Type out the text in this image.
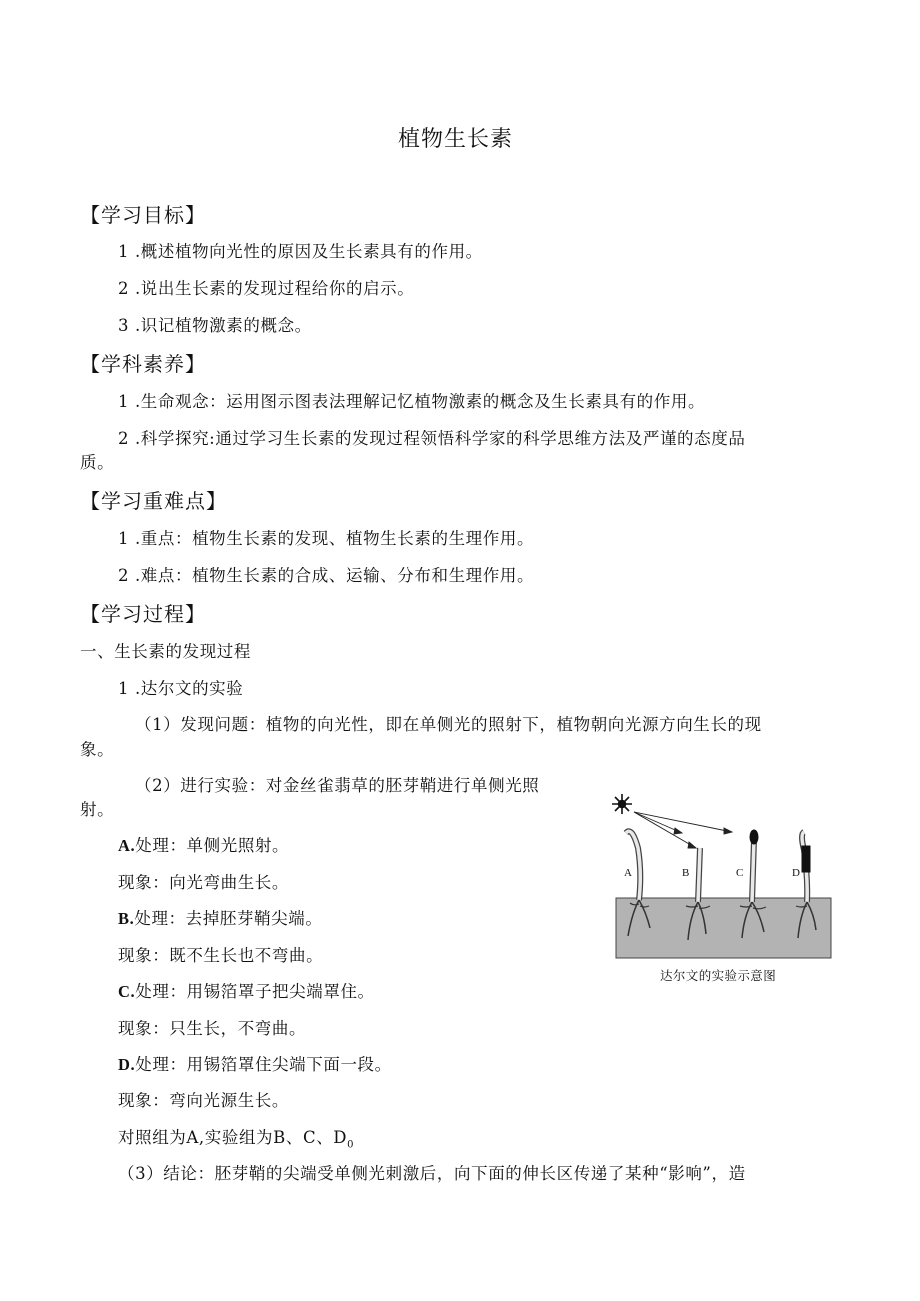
植物生长素
【学习目标】
1 .概述植物向光性的原因及生长素具有的作用。
2 .说出生长素的发现过程给你的启示。
3 .识记植物激素的概念。
【学科素养】
1 .生命观念：运用图示图表法理解记忆植物激素的概念及生长素具有的作用。
2 .科学探究:通过学习生长素的发现过程领悟科学家的科学思维方法及严谨的态度品
质。
【学习重难点】
1 .重点：植物生长素的发现、植物生长素的生理作用。
2 .难点：植物生长素的合成、运输、分布和生理作用。
【学习过程】
一、生长素的发现过程
1 .达尔文的实验
（1）发现问题：植物的向光性，即在单侧光的照射下，植物朝向光源方向生长的现
象。
（2）进行实验：对金丝雀翡草的胚芽鞘进行单侧光照
射。
A.处理：单侧光照射。
现象：向光弯曲生长。
B.处理：去掉胚芽鞘尖端。
现象：既不生长也不弯曲。
C.处理：用锡箔罩子把尖端罩住。
现象：只生长，不弯曲。
D.处理：用锡箔罩住尖端下面一段。
现象：弯向光源生长。
对照组为A,实验组为B、C、$D_0$
（3）结论：胚芽鞘的尖端受单侧光刺激后，向下面的伸长区传递了某种“影响”，造
A	B	C	D
达尔文的实验示意图
